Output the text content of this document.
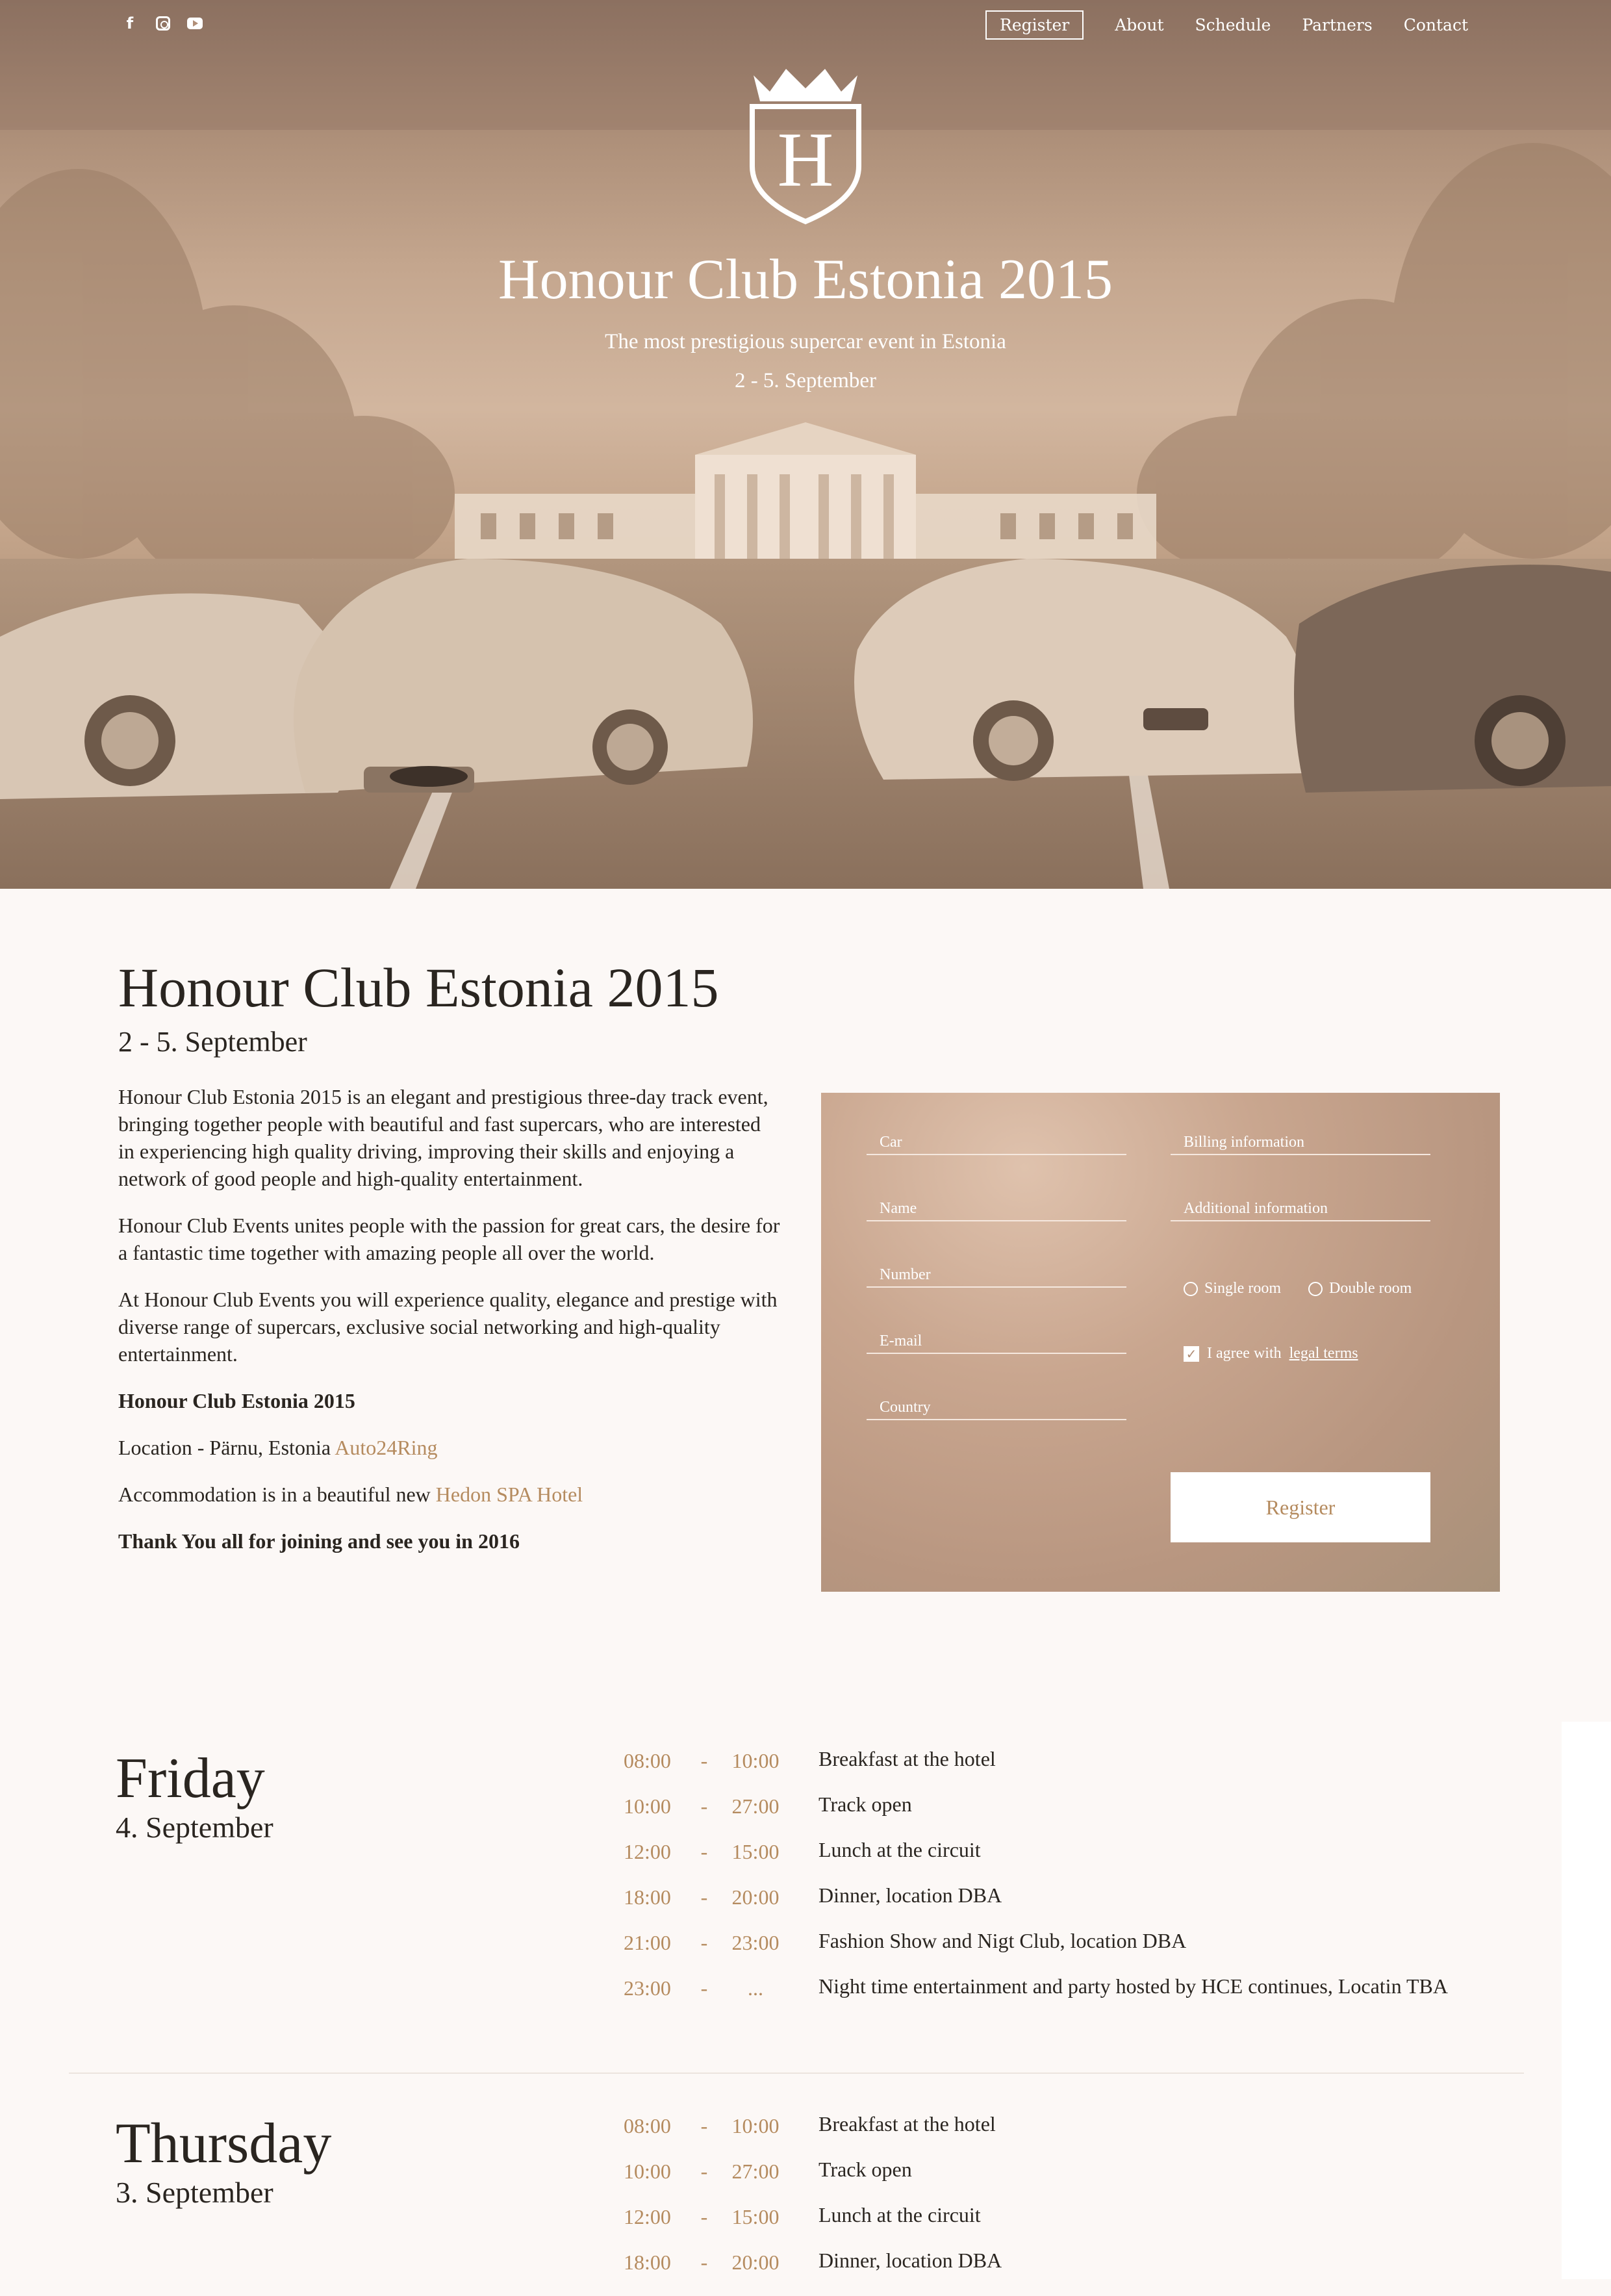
f	Register	About Schedule Partners Contact
H
Honour Club Estonia 2015
The most prestigious supercar event in Estonia
2 - 5. September
Honour Club Estonia 2015
2 - 5. September

Honour Club Estonia 2015 is an elegant and prestigious three-day track event, bringing together people with beautiful and fast supercars, who are interested in experiencing high quality driving, improving their skills and enjoying a network of good people and high-quality entertainment.

Honour Club Events unites people with the passion for great cars, the desire for a fantastic time together with amazing people all over the world.

At Honour Club Events you will experience quality, elegance and prestige with diverse range of supercars, exclusive social networking and high-quality entertainment.

Honour Club Estonia 2015

Location - Pärnu, Estonia Auto24Ring

Accommodation is in a beautiful new Hedon SPA Hotel

Thank You all for joining and see you in 2016

Car
Name
Number
E-mail
Country
Billing information
Additional information
Single room	Double room
✓ I agree with legal terms
Register
Friday
4. September
08:00	-	10:00	Breakfast at the hotel
10:00	-	27:00	Track open
12:00	-	15:00	Lunch at the circuit
18:00	-	20:00	Dinner, location DBA
21:00	-	23:00	Fashion Show and Nigt Club, location DBA
23:00	-	...	Night time entertainment and party hosted by HCE continues, Locatin TBA
Thursday
3. September
08:00	-	10:00	Breakfast at the hotel
10:00	-	27:00	Track open
12:00	-	15:00	Lunch at the circuit
18:00	-	20:00	Dinner, location DBA
